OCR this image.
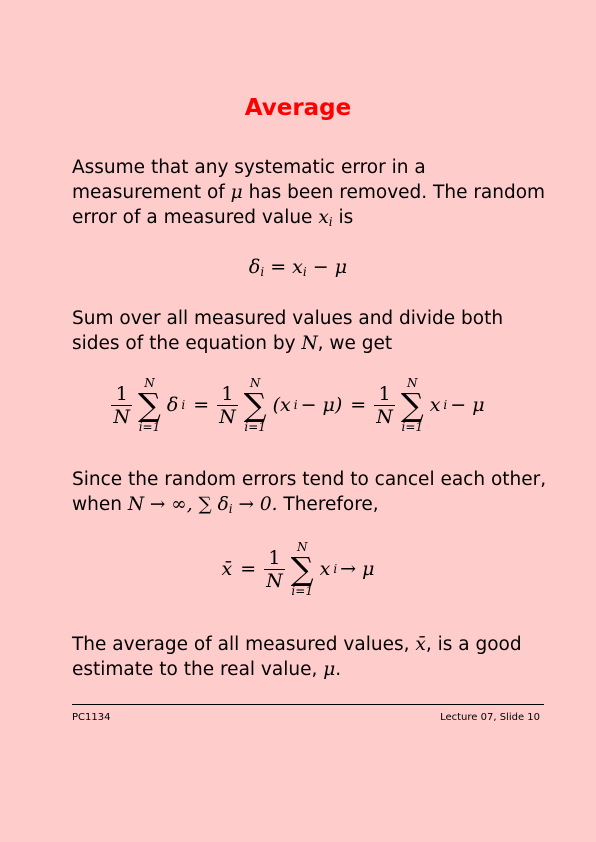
Average
Assume that any systematic error in a measurement of μ has been removed. The random error of a measured value $x_i$ is
$\delta_i = x_i - \mu$
Sum over all measured values and divide both sides of the equation by N, we get
$\frac{1}{N}$	N
∑
i=1
δ $i = \frac{1}{N}$	N
∑
i=1
(x $i - \mu) = \frac{1}{N}$	N
∑
i=1
x i − μ
Since the random errors tend to cancel each other, when N → ∞, ∑ $\delta_i \to 0$. Therefore,
x̄ = $\frac{1}{N}$	N
∑
i=1
x i → μ
The average of all measured values, x̄, is a good estimate to the real value, μ.
PC1134	Lecture 07, Slide 10
